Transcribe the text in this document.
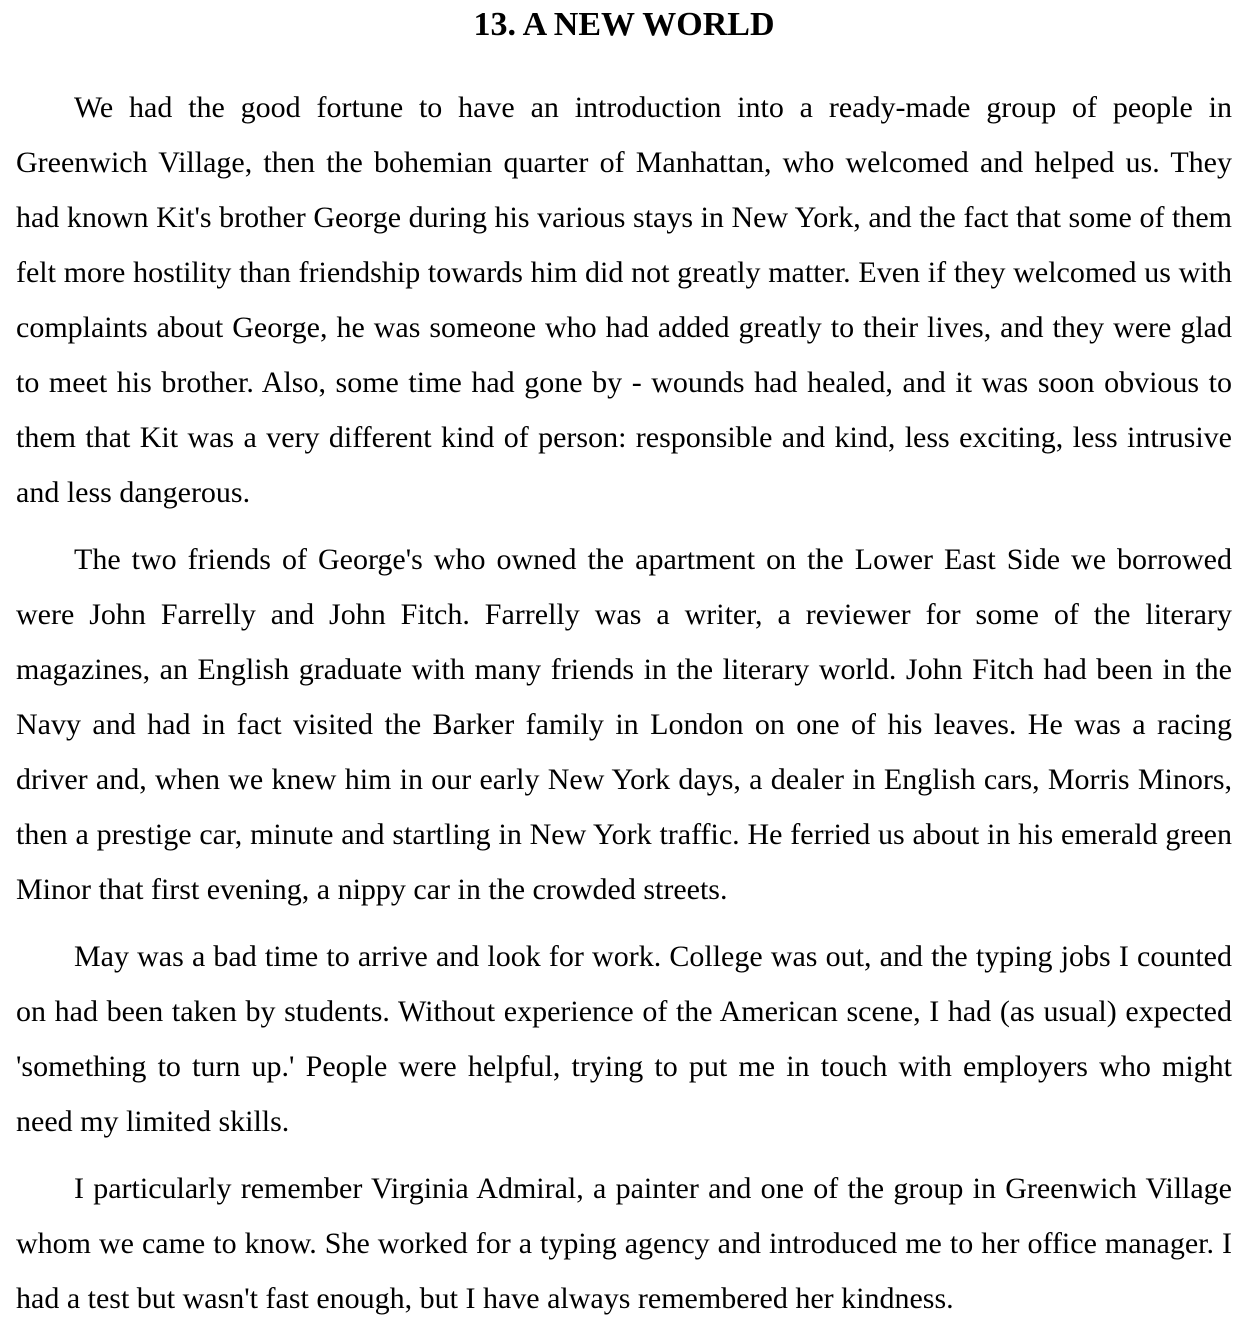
13. A NEW WORLD

We had the good fortune to have an introduction into a ready-made group of people in Greenwich Village, then the bohemian quarter of Manhattan, who welcomed and helped us. They had known Kit's brother George during his various stays in New York, and the fact that some of them felt more hostility than friendship towards him did not greatly matter. Even if they welcomed us with complaints about George, he was someone who had added greatly to their lives, and they were glad to meet his brother. Also, some time had gone by - wounds had healed, and it was soon obvious to them that Kit was a very different kind of person: responsible and kind, less exciting, less intrusive and less dangerous.

The two friends of George's who owned the apartment on the Lower East Side we borrowed were John Farrelly and John Fitch. Farrelly was a writer, a reviewer for some of the literary magazines, an English graduate with many friends in the literary world. John Fitch had been in the Navy and had in fact visited the Barker family in London on one of his leaves. He was a racing driver and, when we knew him in our early New York days, a dealer in English cars, Morris Minors, then a prestige car, minute and startling in New York traffic. He ferried us about in his emerald green Minor that first evening, a nippy car in the crowded streets.

May was a bad time to arrive and look for work. College was out, and the typing jobs I counted on had been taken by students. Without experience of the American scene, I had (as usual) expected 'something to turn up.' People were helpful, trying to put me in touch with employers who might need my limited skills.

I particularly remember Virginia Admiral, a painter and one of the group in Greenwich Village whom we came to know. She worked for a typing agency and introduced me to her office manager. I had a test but wasn't fast enough, but I have always remembered her kindness.
